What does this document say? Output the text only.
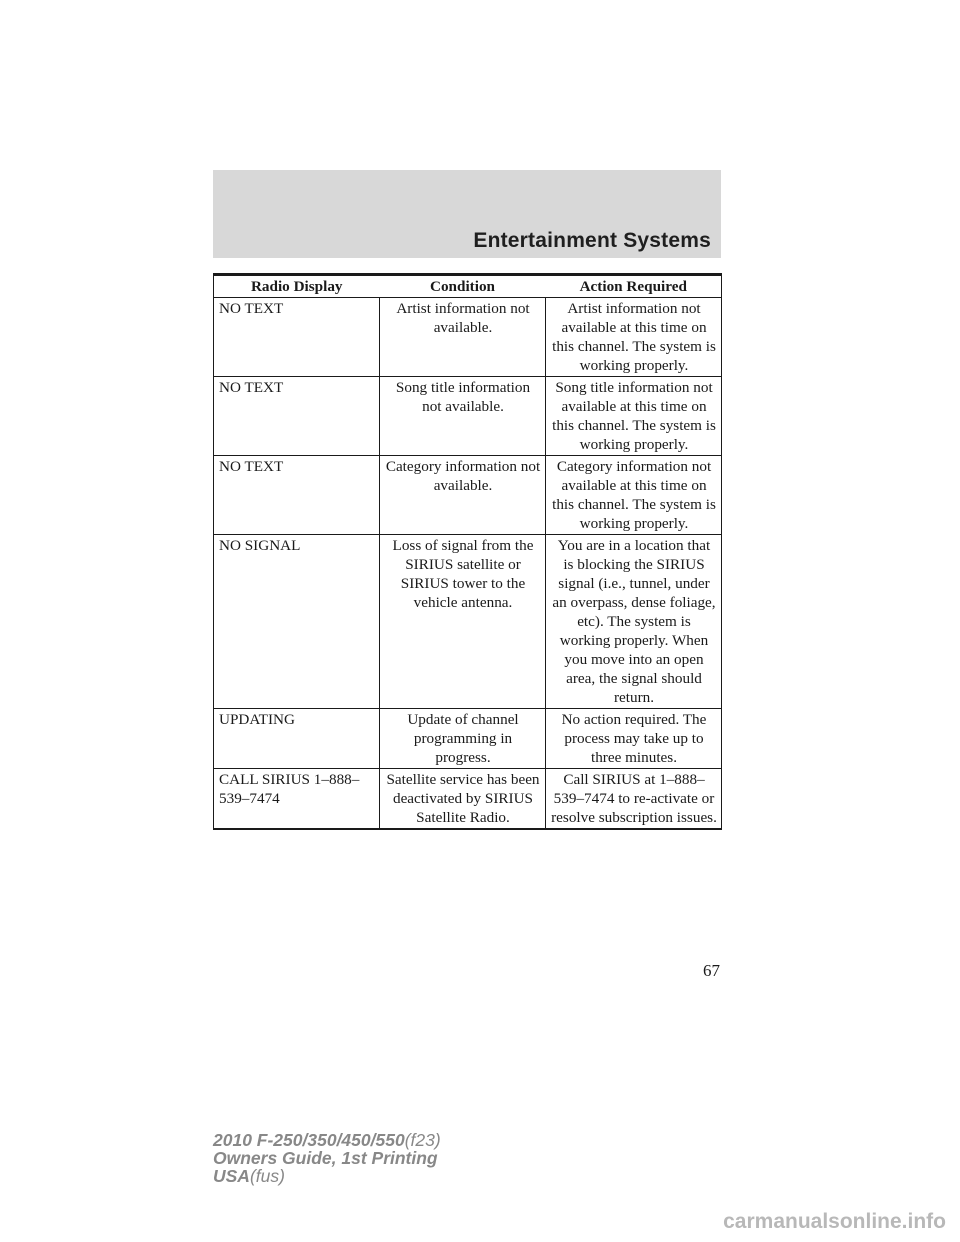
Entertainment Systems
Radio Display	Condition	Action Required
NO TEXT	Artist information not available.	Artist information not available at this time on this channel. The system is working properly.
NO TEXT	Song title information not available.	Song title information not available at this time on this channel. The system is working properly.
NO TEXT	Category information not available.	Category information not available at this time on this channel. The system is working properly.
NO SIGNAL	Loss of signal from the SIRIUS satellite or SIRIUS tower to the vehicle antenna.	You are in a location that is blocking the SIRIUS signal (i.e., tunnel, under an overpass, dense foliage, etc). The system is working properly. When you move into an open area, the signal should return.
UPDATING	Update of channel programming in progress.	No action required. The process may take up to three minutes.
CALL SIRIUS 1–888–539–7474	Satellite service has been deactivated by SIRIUS Satellite Radio.	Call SIRIUS at 1–888–539–7474 to re-activate or resolve subscription issues.
67
2010 F-250/350/450/550(f23)
Owners Guide, 1st Printing
USA(fus)
carmanualsonline.info
